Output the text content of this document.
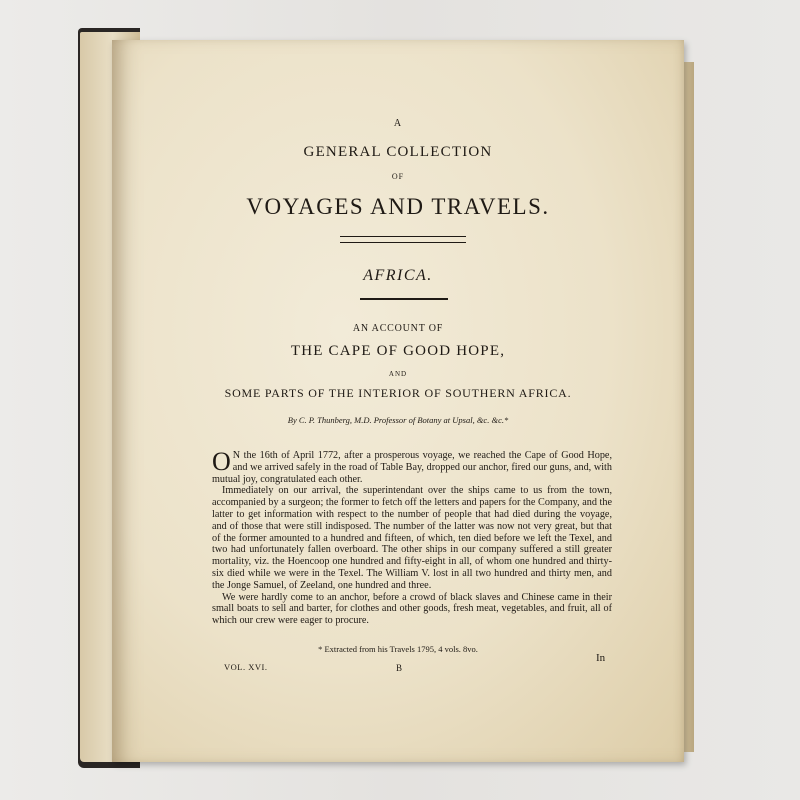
A
GENERAL COLLECTION
OF
VOYAGES AND TRAVELS.
AFRICA.
AN ACCOUNT OF
THE CAPE OF GOOD HOPE,
AND
SOME PARTS OF THE INTERIOR OF SOUTHERN AFRICA.
By C. P. Thunberg, M.D. Professor of Botany at Upsal, &c. &c.*

O N the 16th of April 1772, after a prosperous voyage, we reached the Cape of Good Hope, and we arrived safely in the road of Table Bay, dropped our anchor, fired our guns, and, with mutual joy, congratulated each other.

Immediately on our arrival, the superintendant over the ships came to us from the town, accompanied by a surgeon; the former to fetch off the letters and papers for the Company, and the latter to get information with respect to the number of people that had died during the voyage, and of those that were still indisposed. The number of the latter was now not very great, but that of the former amounted to a hundred and fifteen, of which, ten died before we left the Texel, and two had unfortunately fallen overboard. The other ships in our company suffered a still greater mortality, viz. the Hoencoop one hundred and fifty-eight in all, of whom one hundred and thirty-six died while we were in the Texel. The William V. lost in all two hundred and thirty men, and the Jonge Samuel, of Zeeland, one hundred and three.

We were hardly come to an anchor, before a crowd of black slaves and Chinese came in their small boats to sell and barter, for clothes and other goods, fresh meat, vegetables, and fruit, all of which our crew were eager to procure.

* Extracted from his Travels 1795, 4 vols. 8vo.
VOL. XVI.	B
In
